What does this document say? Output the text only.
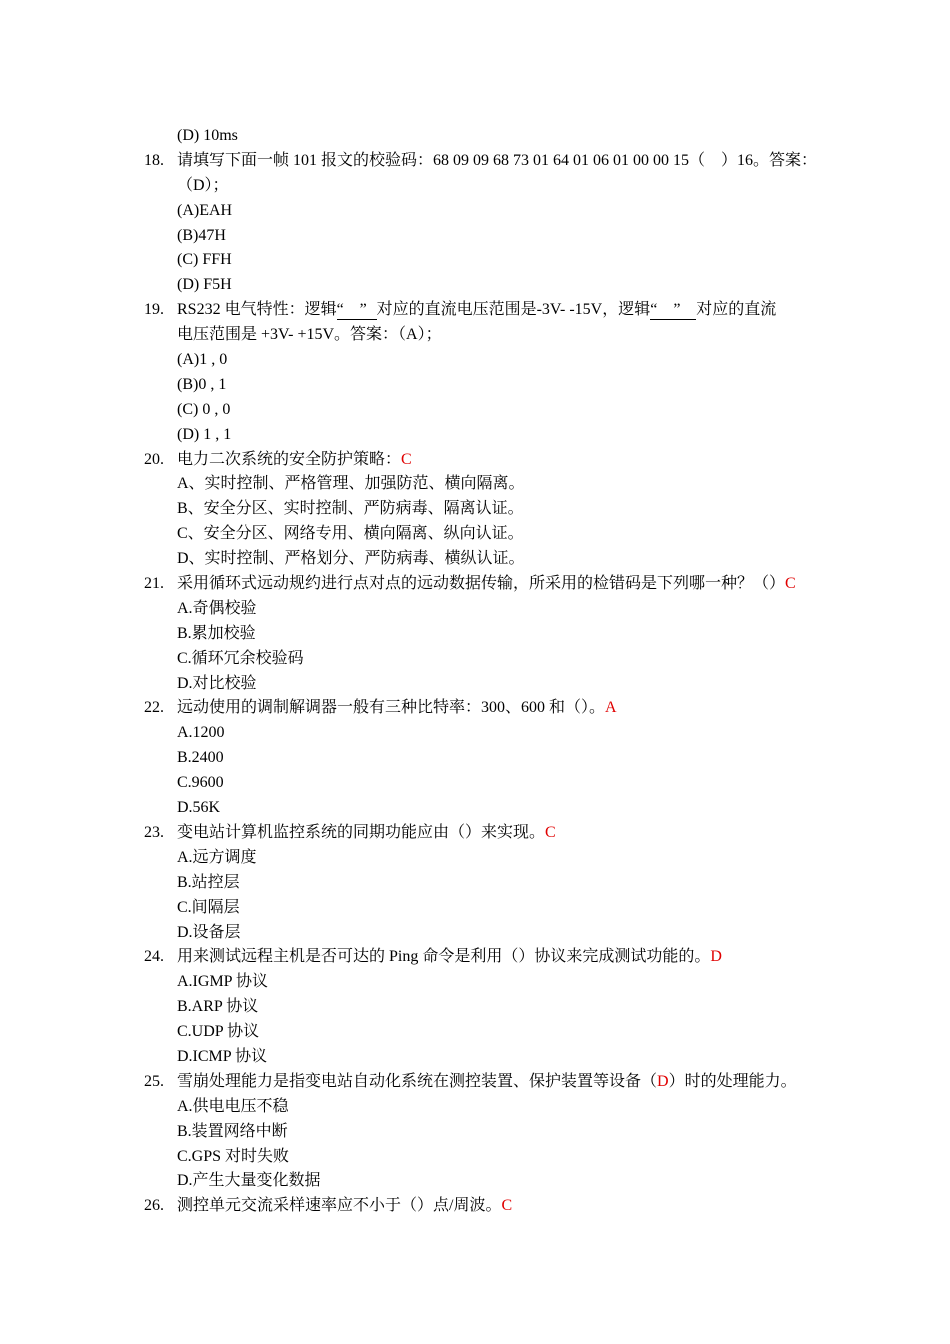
(D) 10ms
18. 请填写下面一帧 101 报文的校验码：68 09 09 68 73 01 64 01 06 01 00 00 15（　）16。答案：
（D）；
(A)EAH
(B)47H
(C) FFH
(D) F5H
19. RS232 电气特性：逻辑“　” 对应的直流电压范围是-3V- -15V，逻辑“　” 对应的直流
电压范围是 +3V- +15V。答案：（A）；
(A)1 , 0
(B)0 , 1
(C) 0 , 0
(D) 1 , 1
20. 电力二次系统的安全防护策略：C
A、实时控制、严格管理、加强防范、横向隔离。
B、安全分区、实时控制、严防病毒、隔离认证。
C、安全分区、网络专用、横向隔离、纵向认证。
D、实时控制、严格划分、严防病毒、横纵认证。
21. 采用循环式远动规约进行点对点的远动数据传输，所采用的检错码是下列哪一种？（）C
A.奇偶校验
B.累加校验
C.循环冗余校验码
D.对比校验
22. 远动使用的调制解调器一般有三种比特率：300、600 和（）。A
A.1200
B.2400
C.9600
D.56K
23. 变电站计算机监控系统的同期功能应由（）来实现。C
A.远方调度
B.站控层
C.间隔层
D.设备层
24. 用来测试远程主机是否可达的 Ping 命令是利用（）协议来完成测试功能的。D
A.IGMP 协议
B.ARP 协议
C.UDP 协议
D.ICMP 协议
25. 雪崩处理能力是指变电站自动化系统在测控装置、保护装置等设备（D）时的处理能力。
A.供电电压不稳
B.装置网络中断
C.GPS 对时失败
D.产生大量变化数据
26. 测控单元交流采样速率应不小于（）点/周波。C
